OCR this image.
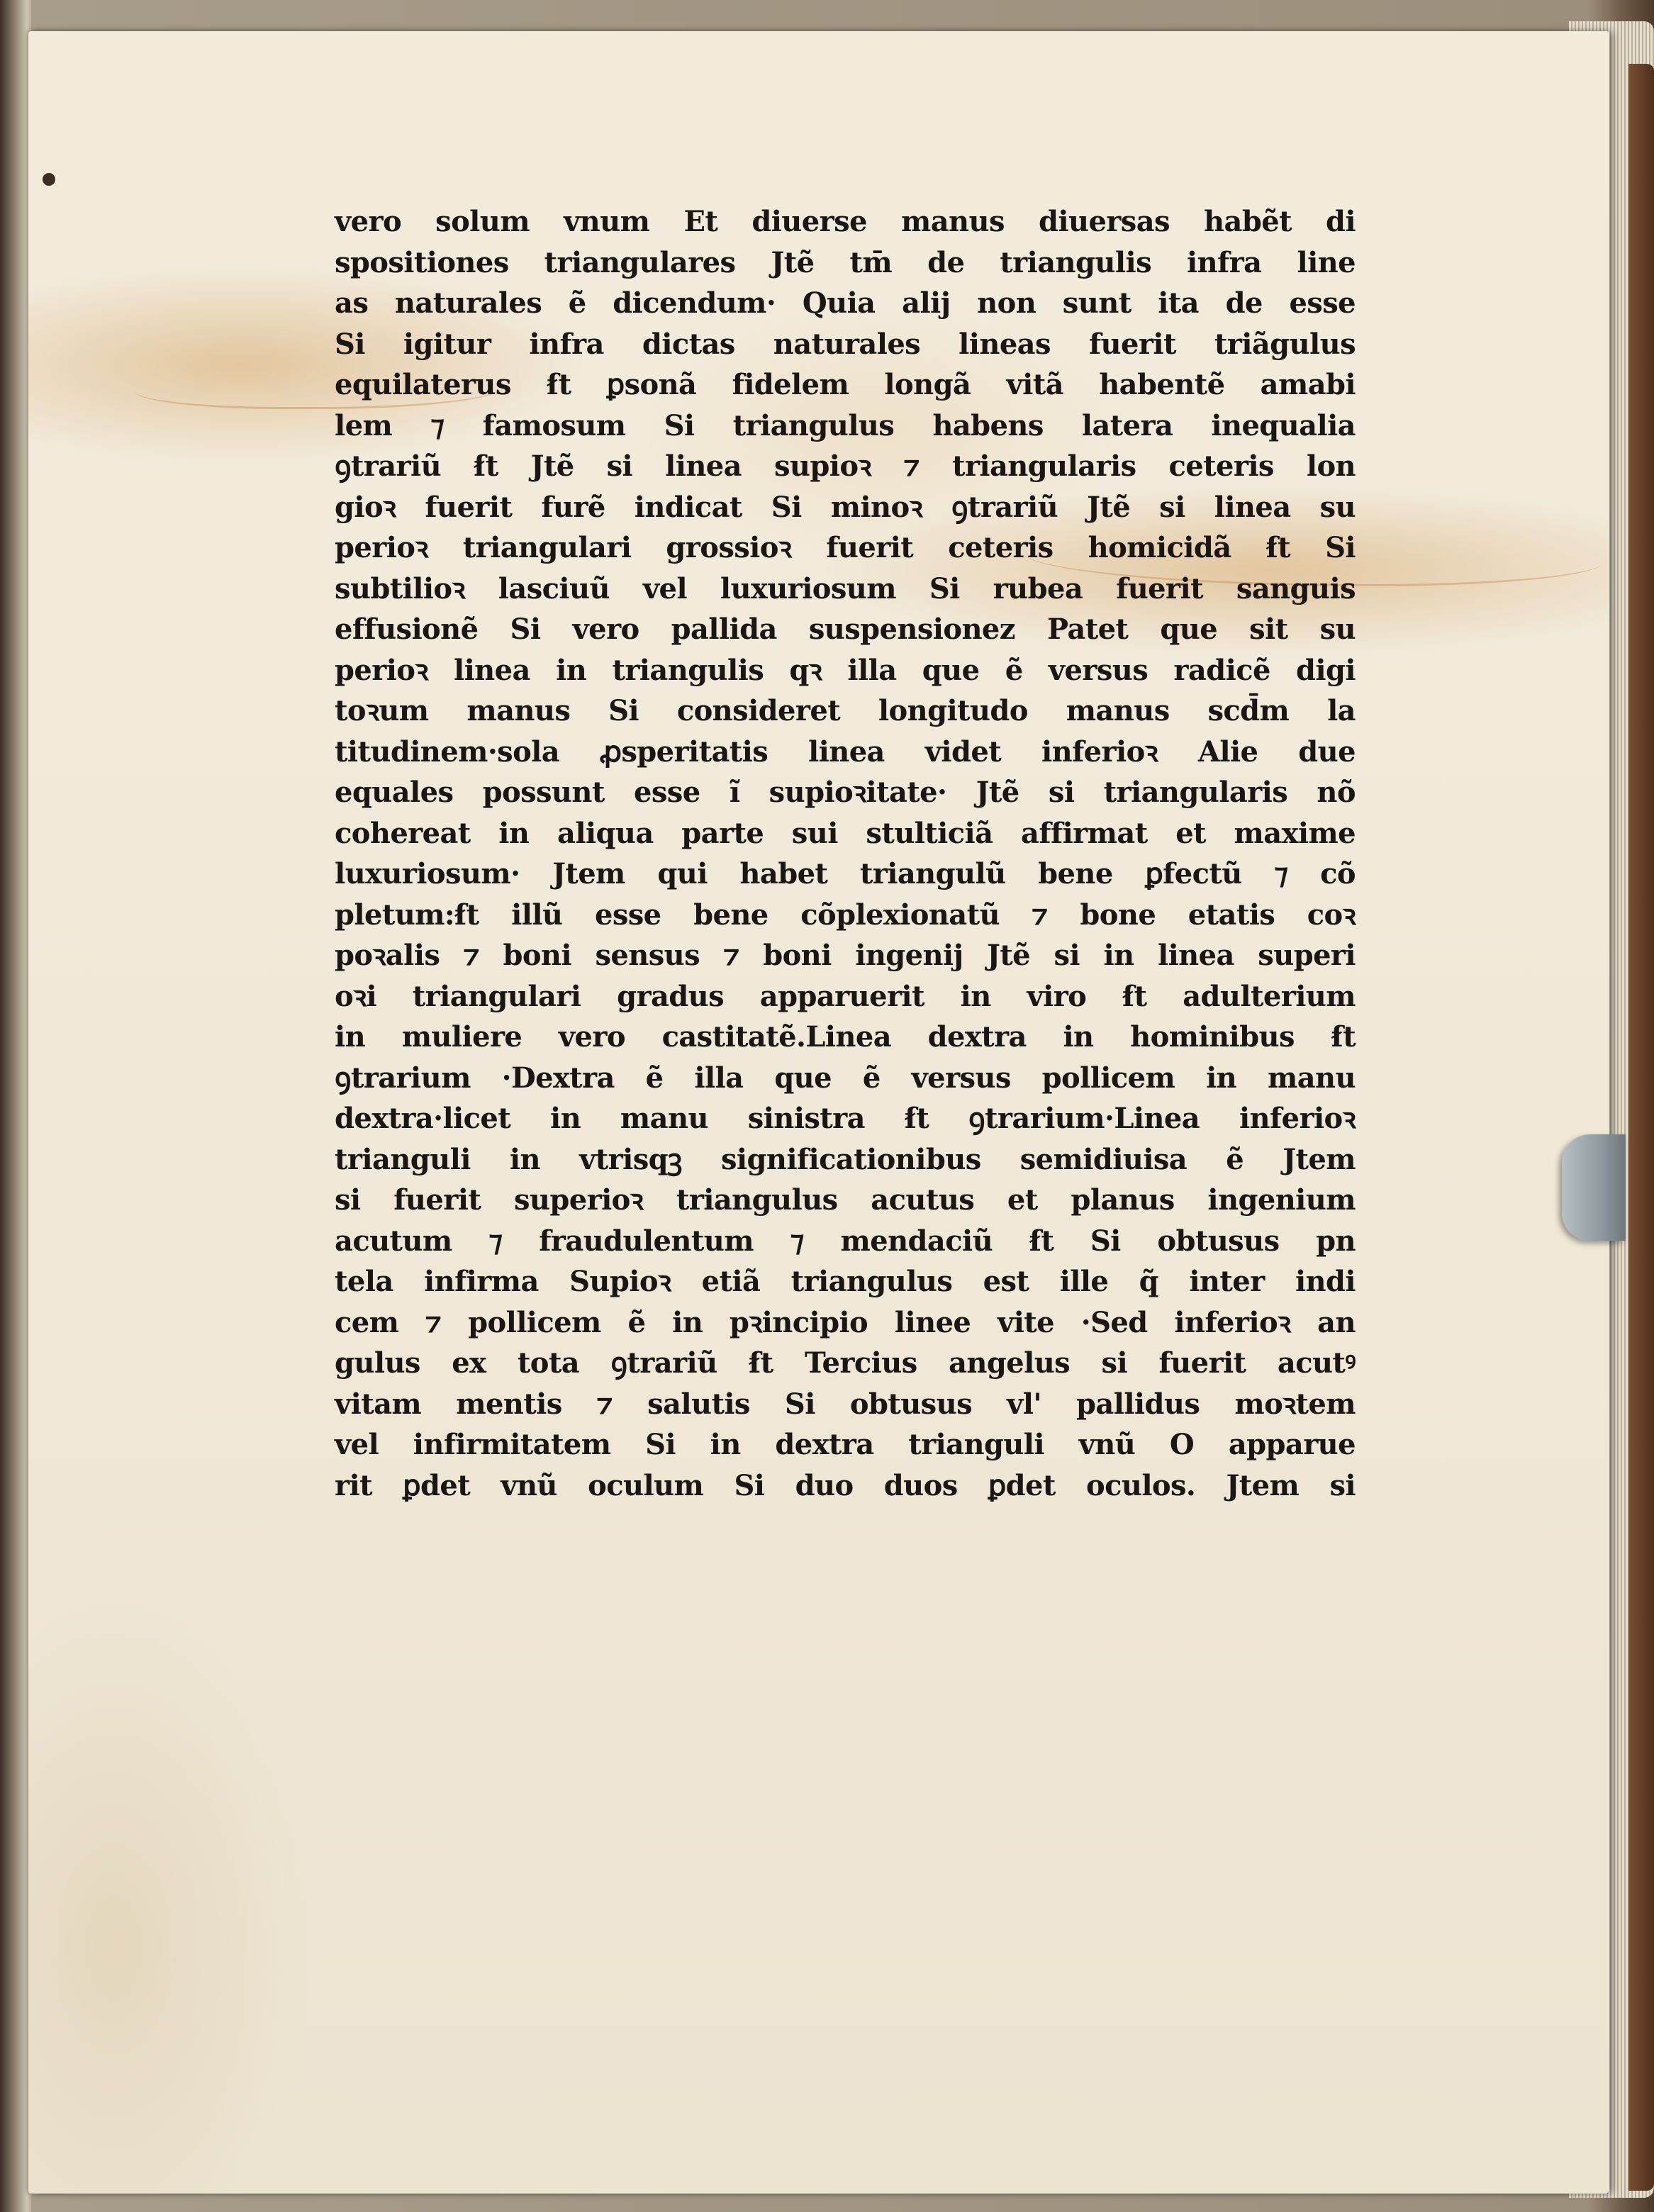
vero solum vnum Et diuerse manus diuersas habẽt di
spositiones triangulares Jtẽ tm̄ de triangulis infra line
as naturales ẽ dicendum· Quia alij non sunt ita de esse
Si igitur infra dictas naturales lineas fuerit triãgulus
equilaterus ẜt ꝑsonã fidelem longã vitã habentẽ amabi
lem ⁊ famosum Si triangulus habens latera inequalia
ꝯtrariũ ẜt Jtẽ si linea supioꝛ ⁊ triangularis ceteris lon
gioꝛ fuerit furẽ indicat Si minoꝛ ꝯtrariũ Jtẽ si linea su
perioꝛ triangulari grossioꝛ fuerit ceteris homicidã ẜt Si
subtilioꝛ lasciuũ vel luxuriosum Si rubea fuerit sanguis
effusionẽ Si vero pallida suspensionez Patet que sit su
perioꝛ linea in triangulis qꝛ illa que ẽ versus radicẽ digi
toꝛum manus Si consideret longitudo manus scd̄m la
titudinem·sola ꝓsperitatis linea videt inferioꝛ Alie due
equales possunt esse ĩ supioꝛitate· Jtẽ si triangularis nõ
cohereat in aliqua parte sui stulticiã affirmat et maxime
luxuriosum· Jtem qui habet triangulũ bene ꝑfectũ ⁊ cõ
pletum:ẜt illũ esse bene cõplexionatũ ⁊ bone etatis coꝛ
poꝛalis ⁊ boni sensus ⁊ boni ingenij Jtẽ si in linea superi
oꝛi triangulari gradus apparuerit in viro ẜt adulterium
in muliere vero castitatẽ.Linea dextra in hominibus ẜt
ꝯtrarium ·Dextra ẽ illa que ẽ versus pollicem in manu
dextra·licet in manu sinistra ẜt ꝯtrarium·Linea inferioꝛ
trianguli in vtrisqꝫ significationibus semidiuisa ẽ Jtem
si fuerit superioꝛ triangulus acutus et planus ingenium
acutum ⁊ fraudulentum ⁊ mendaciũ ẜt Si obtusus pn
tela infirma Supioꝛ etiã triangulus est ille q̃ inter indi
cem ⁊ pollicem ẽ in pꝛincipio linee vite ·Sed inferioꝛ an
gulus ex tota ꝯtrariũ ẜt Tercius angelus si fuerit acutꝰ
vitam mentis ⁊ salutis Si obtusus vl' pallidus moꝛtem
vel infirmitatem Si in dextra trianguli vnũ O apparue
rit ꝑdet vnũ oculum Si duo duos ꝑdet oculos. Jtem si
